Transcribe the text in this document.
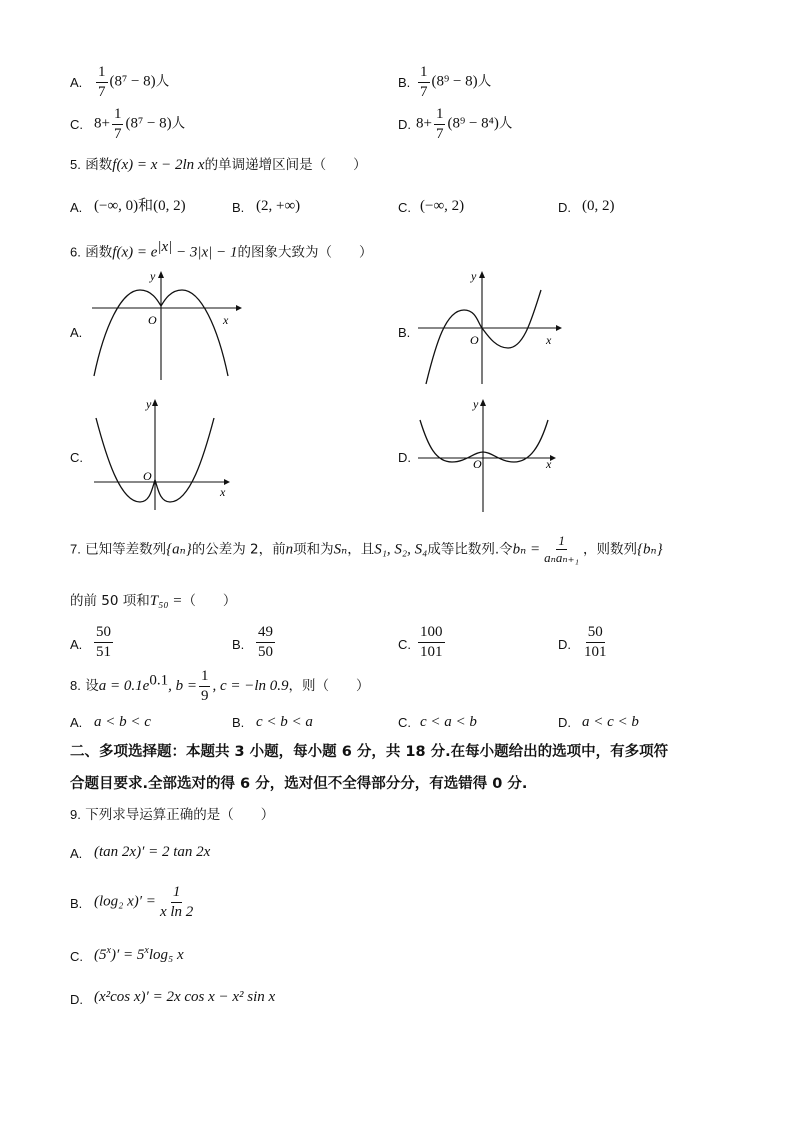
A. $\frac{1}{7} (8^7 - 8)$人	B. $\frac{1}{7} (8^9 - 8)$人
C. $8+ \frac{1}{7} (8^7 - 8)$人	D. $8+ \frac{1}{7} (8^9 - 8^4)$人
5. 函数f(x) = x − 2ln x的单调递增区间是（　　）
A. (−∞, 0)和(0, 2)	B. (2, +∞)	C. (−∞, 2)	D. (0, 2)
6. 函数$f(x) = e^{|x|} - 3|x| - 1$的图象大致为（　　）
A.
y
x
O
B.
y
x
O
C.
y
x
O
D.
y
x
O
7. 已知等差数列{aₙ}的公差为 2，前n项和为Sₙ，且S₁, S₂, S₄成等比数列.令$b_n = \frac{1}{\text{aₙaₙ₊₁}}$ ，则数列{bₙ}
的前 50 项和T₅₀ =（　　）
A. $\frac{50}{51}$	B. $\frac{49}{50}$	C. $\frac{100}{101}$	D. $\frac{50}{101}$
8. 设$a = 0.1e^{0.1}$, $b = \frac{1}{9}$ , c = −ln 0.9，则（　　）
A. a < b < c	B. c < b < a	C. c < a < b	D. a < c < b
二、多项选择题：本题共 3 小题，每小题 6 分，共 18 分.在每小题给出的选项中，有多项符
合题目要求.全部选对的得 6 分，选对但不全得部分分，有选错得 0 分.
9. 下列求导运算正确的是（　　）
A. (tan 2x)′ = 2 tan 2x
B. (log₂ $x)' = \frac{1}{\text{x ln 2}}$
C. $(5^x)' = 5^x\log_5$ x
D. (x²cos x)′ = 2x cos x − x² sin x
